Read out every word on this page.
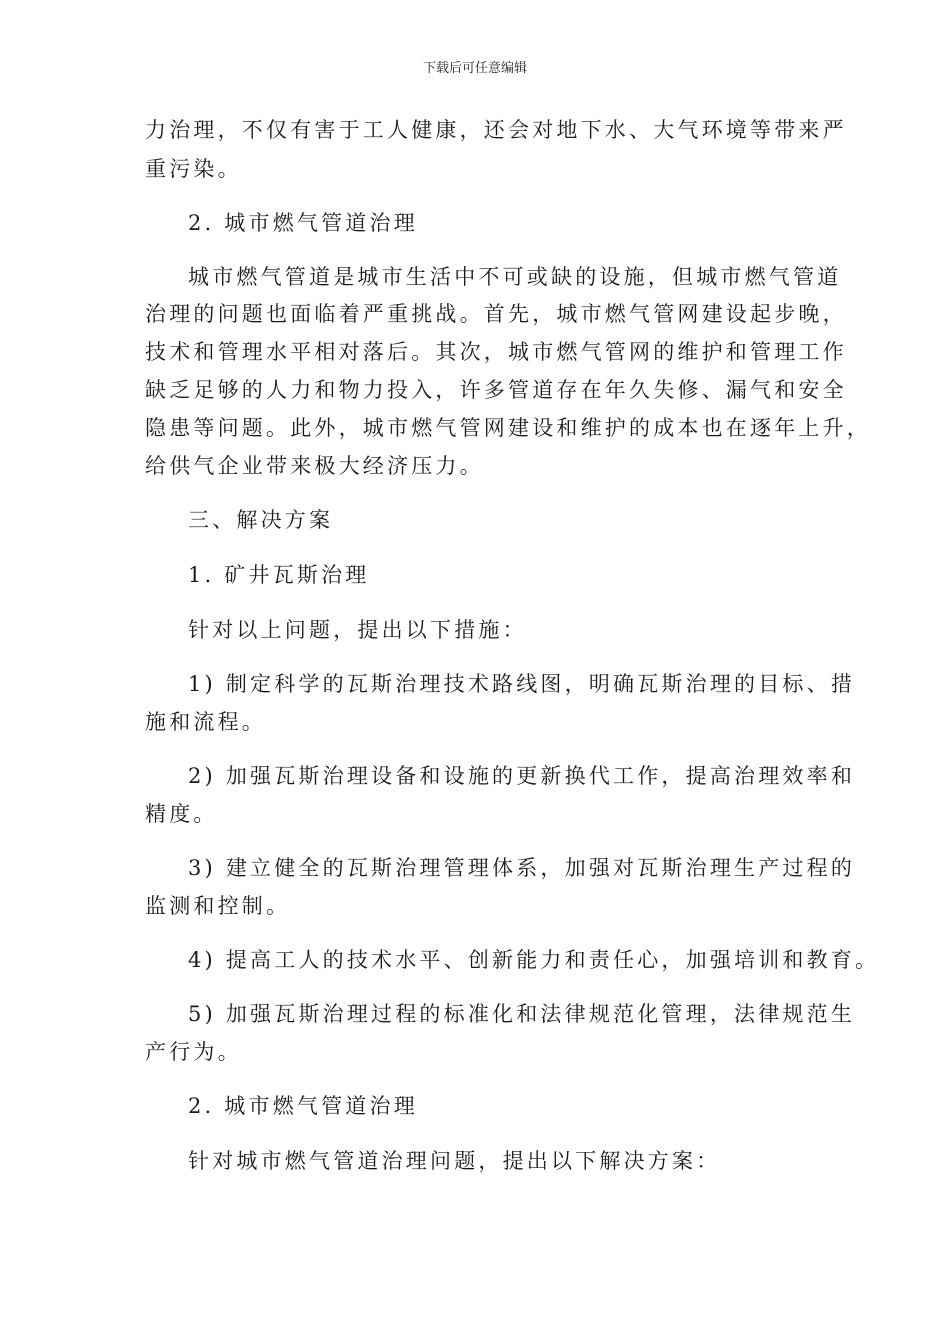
下载后可任意编辑
力治理，不仅有害于工人健康，还会对地下水、大气环境等带来严
重污染。
2. 城市燃气管道治理
城市燃气管道是城市生活中不可或缺的设施，但城市燃气管道
治理的问题也面临着严重挑战。首先，城市燃气管网建设起步晚，
技术和管理水平相对落后。其次，城市燃气管网的维护和管理工作
缺乏足够的人力和物力投入，许多管道存在年久失修、漏气和安全
隐患等问题。此外，城市燃气管网建设和维护的成本也在逐年上升，
给供气企业带来极大经济压力。
三、解决方案
1. 矿井瓦斯治理
针对以上问题，提出以下措施：
1) 制定科学的瓦斯治理技术路线图，明确瓦斯治理的目标、措
施和流程。
2) 加强瓦斯治理设备和设施的更新换代工作，提高治理效率和
精度。
3) 建立健全的瓦斯治理管理体系，加强对瓦斯治理生产过程的
监测和控制。
4) 提高工人的技术水平、创新能力和责任心，加强培训和教育。
5) 加强瓦斯治理过程的标准化和法律规范化管理，法律规范生
产行为。
2. 城市燃气管道治理
针对城市燃气管道治理问题，提出以下解决方案：
